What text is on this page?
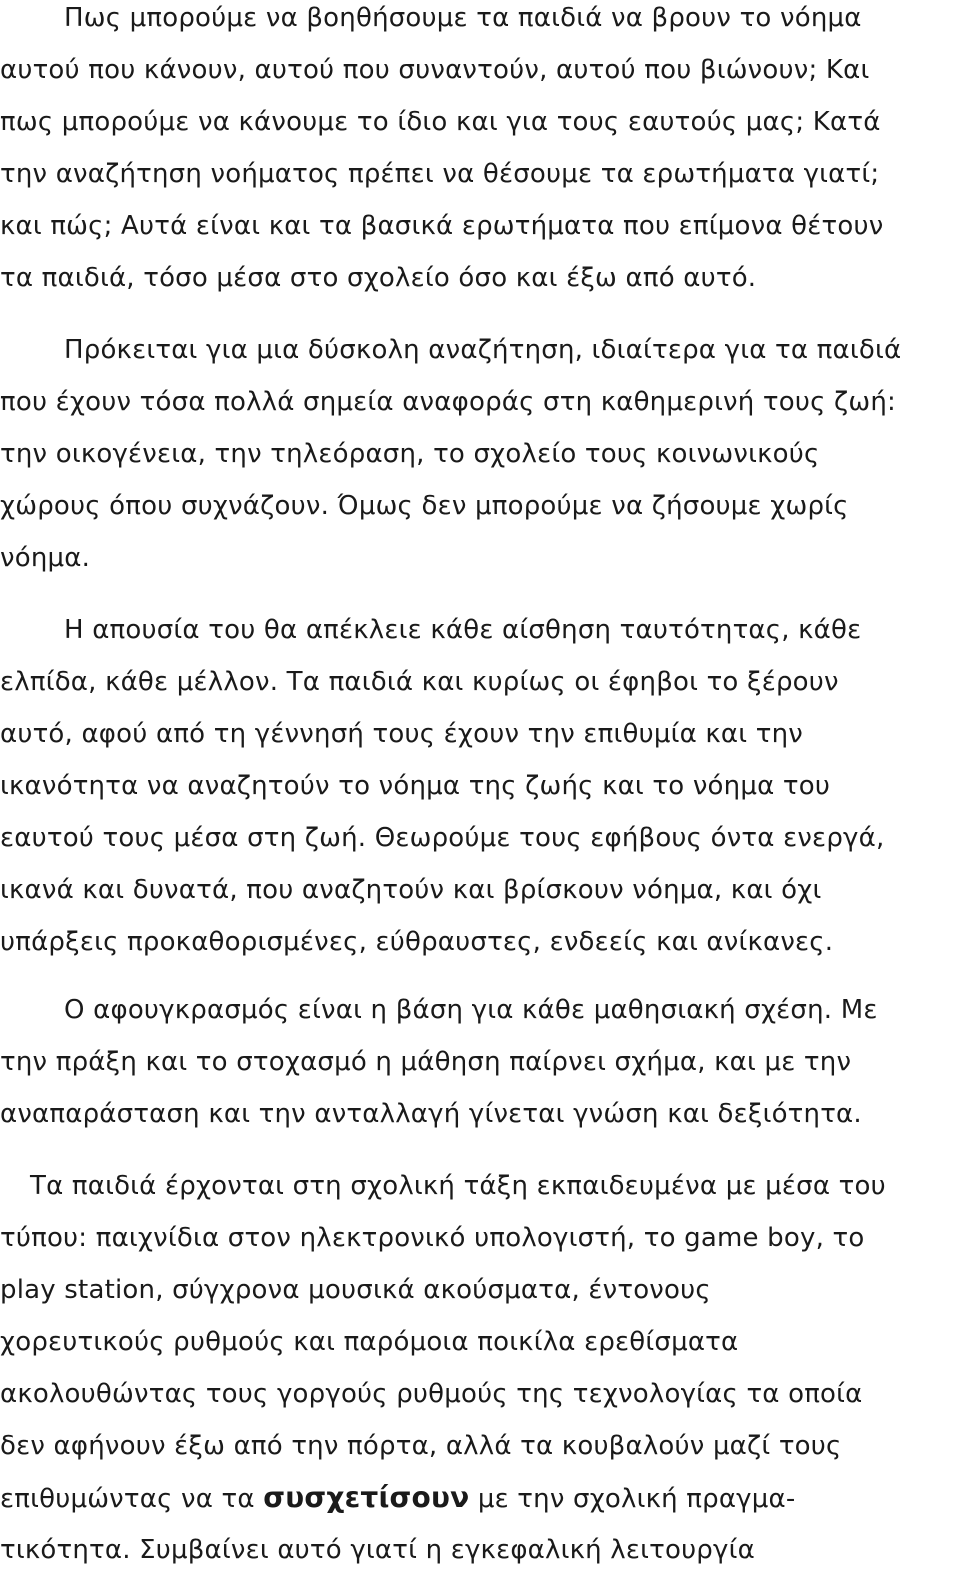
Πως μπορούμε να βοηθήσουμε τα παιδιά να βρουν το νόημα
αυτού που κάνουν, αυτού που συναντούν, αυτού που βιώνουν; Και
πως μπορούμε να κάνουμε το ίδιο και για τους εαυτούς μας; Κατά
την αναζήτηση νοήματος πρέπει να θέσουμε τα ερωτήματα γιατί;
και πώς; Αυτά είναι και τα βασικά ερωτήματα που επίμονα θέτουν
τα παιδιά, τόσο μέσα στο σχολείο όσο και έξω από αυτό.
Πρόκειται για μια δύσκολη αναζήτηση, ιδιαίτερα για τα παιδιά
που έχουν τόσα πολλά σημεία αναφοράς στη καθημερινή τους ζωή:
την οικογένεια, την τηλεόραση, το σχολείο τους κοινωνικούς
χώρους όπου συχνάζουν. Όμως δεν μπορούμε να ζήσουμε χωρίς
νόημα.
Η απουσία του θα απέκλειε κάθε αίσθηση ταυτότητας, κάθε
ελπίδα, κάθε μέλλον. Τα παιδιά και κυρίως οι έφηβοι το ξέρουν
αυτό, αφού από τη γέννησή τους έχουν την επιθυμία και την
ικανότητα να αναζητούν το νόημα της ζωής και το νόημα του
εαυτού τους μέσα στη ζωή. Θεωρούμε τους εφήβους όντα ενεργά,
ικανά και δυνατά, που αναζητούν και βρίσκουν νόημα, και όχι
υπάρξεις προκαθορισμένες, εύθραυστες, ενδεείς και ανίκανες.
Ο αφουγκρασμός είναι η βάση για κάθε μαθησιακή σχέση. Με
την πράξη και το στοχασμό η μάθηση παίρνει σχήμα, και με την
αναπαράσταση και την ανταλλαγή γίνεται γνώση και δεξιότητα.
Τα παιδιά έρχονται στη σχολική τάξη εκπαιδευμένα με μέσα του
τύπου: παιχνίδια στον ηλεκτρονικό υπολογιστή, το game boy, το
play station, σύγχρονα μουσικά ακούσματα, έντονους
χορευτικούς ρυθμούς και παρόμοια ποικίλα ερεθίσματα
ακολουθώντας τους γοργούς ρυθμούς της τεχνολογίας τα οποία
δεν αφήνουν έξω από την πόρτα, αλλά τα κουβαλούν μαζί τους
επιθυμώντας να τα συσχετίσουν με την σχολική πραγμα-
τικότητα. Συμβαίνει αυτό γιατί η εγκεφαλική λειτουργία
